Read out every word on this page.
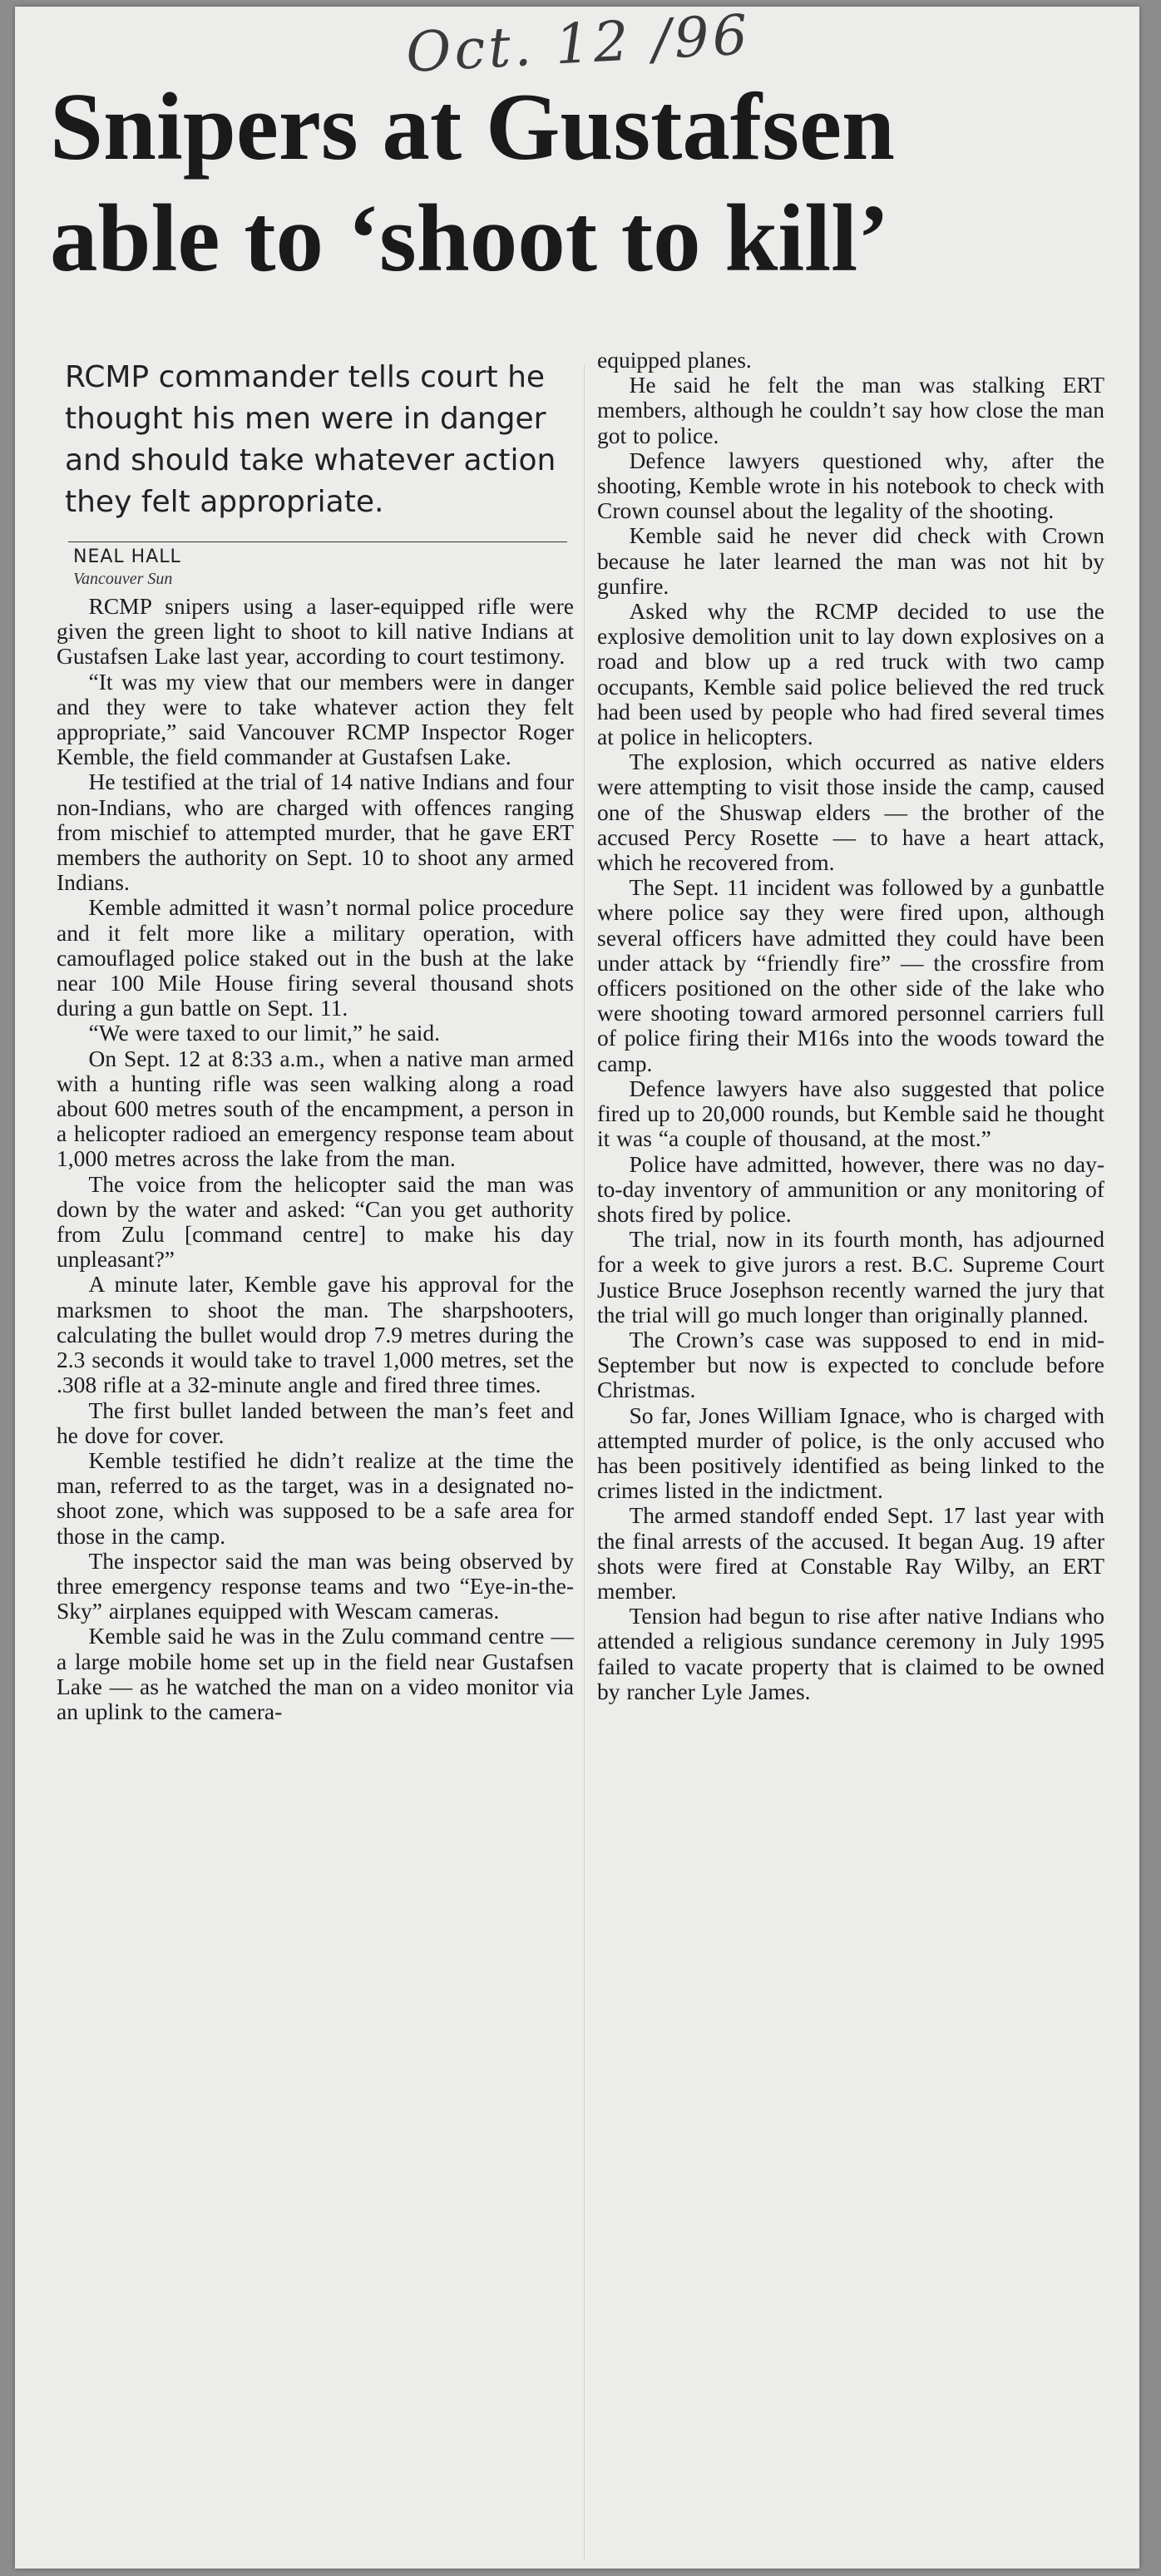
Oct. 12 /96
Snipers at Gustafsen
able to ‘shoot to kill’
RCMP commander tells court he thought his men were in danger and should take whatever action they felt appropriate.
NEAL HALL
Vancouver Sun

RCMP snipers using a laser-equipped rifle were given the green light to shoot to kill native Indians at Gustafsen Lake last year, according to court testimony.

“It was my view that our members were in danger and they were to take whatever action they felt appropriate,” said Vancouver RCMP Inspector Roger Kemble, the field commander at Gustafsen Lake.

He testified at the trial of 14 native Indians and four non-Indians, who are charged with offences ranging from mischief to attempted murder, that he gave ERT members the authority on Sept. 10 to shoot any armed Indians.

Kemble admitted it wasn’t normal police procedure and it felt more like a military operation, with camouflaged police staked out in the bush at the lake near 100 Mile House firing several thousand shots during a gun battle on Sept. 11.

“We were taxed to our limit,” he said.

On Sept. 12 at 8:33 a.m., when a native man armed with a hunting rifle was seen walking along a road about 600 metres south of the encampment, a person in a helicopter radioed an emergency response team about 1,000 metres across the lake from the man.

The voice from the helicopter said the man was down by the water and asked: “Can you get authority from Zulu [command centre] to make his day unpleasant?”

A minute later, Kemble gave his approval for the marksmen to shoot the man. The sharpshooters, calculating the bullet would drop 7.9 metres during the 2.3 seconds it would take to travel 1,000 metres, set the .308 rifle at a 32-minute angle and fired three times.

The first bullet landed between the man’s feet and he dove for cover.

Kemble testified he didn’t realize at the time the man, referred to as the target, was in a designated no-shoot zone, which was supposed to be a safe area for those in the camp.

The inspector said the man was being observed by three emergency response teams and two “Eye-in-the-Sky” airplanes equipped with Wescam cameras.

Kemble said he was in the Zulu command centre — a large mobile home set up in the field near Gustafsen Lake — as he watched the man on a video monitor via an uplink to the camera-

equipped planes.

He said he felt the man was stalking ERT members, although he couldn’t say how close the man got to police.

Defence lawyers questioned why, after the shooting, Kemble wrote in his notebook to check with Crown counsel about the legality of the shooting.

Kemble said he never did check with Crown because he later learned the man was not hit by gunfire.

Asked why the RCMP decided to use the explosive demolition unit to lay down explosives on a road and blow up a red truck with two camp occupants, Kemble said police believed the red truck had been used by people who had fired several times at police in helicopters.

The explosion, which occurred as native elders were attempting to visit those inside the camp, caused one of the Shuswap elders — the brother of the accused Percy Rosette — to have a heart attack, which he recovered from.

The Sept. 11 incident was followed by a gunbattle where police say they were fired upon, although several officers have admitted they could have been under attack by “friendly fire” — the crossfire from officers positioned on the other side of the lake who were shooting toward armored personnel carriers full of police firing their M16s into the woods toward the camp.

Defence lawyers have also suggested that police fired up to 20,000 rounds, but Kemble said he thought it was “a couple of thousand, at the most.”

Police have admitted, however, there was no day-to-day inventory of ammunition or any monitoring of shots fired by police.

The trial, now in its fourth month, has adjourned for a week to give jurors a rest. B.C. Supreme Court Justice Bruce Josephson recently warned the jury that the trial will go much longer than originally planned.

The Crown’s case was supposed to end in mid-September but now is expected to conclude before Christmas.

So far, Jones William Ignace, who is charged with attempted murder of police, is the only accused who has been positively identified as being linked to the crimes listed in the indictment.

The armed standoff ended Sept. 17 last year with the final arrests of the accused. It began Aug. 19 after shots were fired at Constable Ray Wilby, an ERT member.

Tension had begun to rise after native Indians who attended a religious sundance ceremony in July 1995 failed to vacate property that is claimed to be owned by rancher Lyle James.
